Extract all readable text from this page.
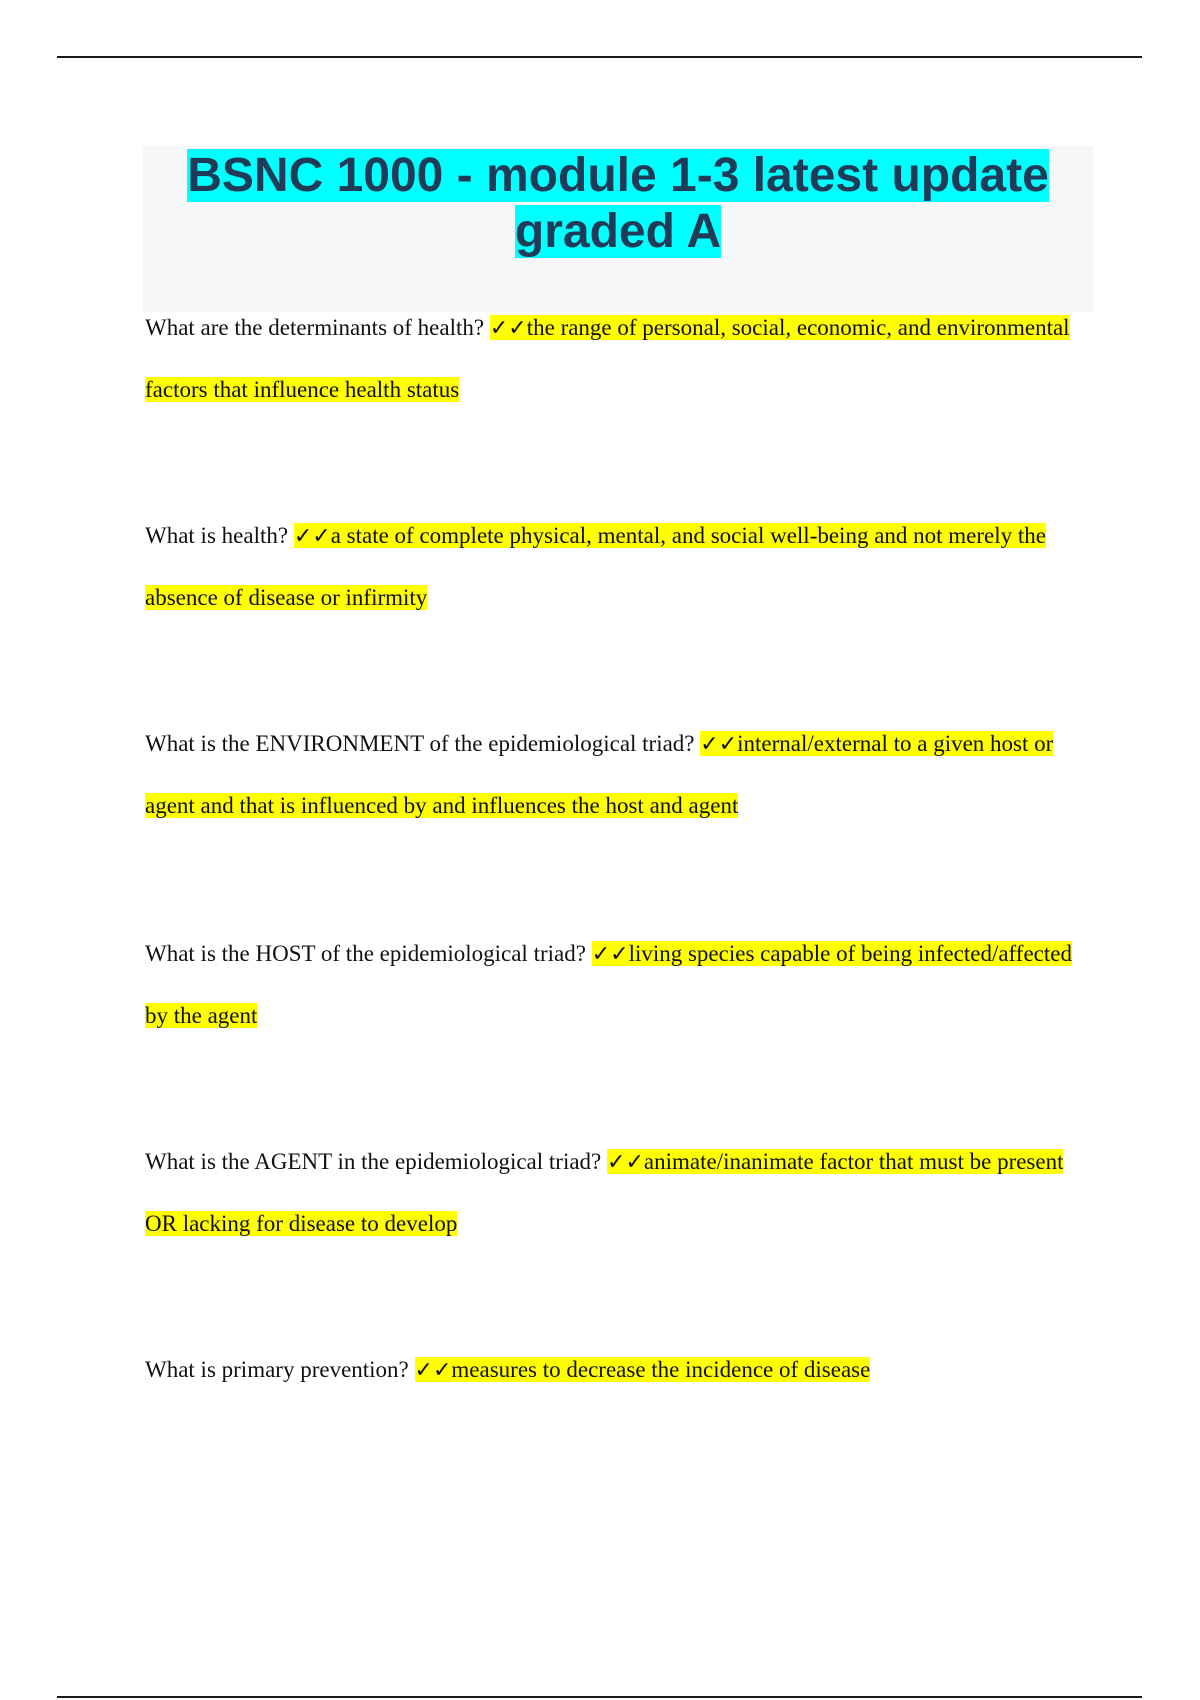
BSNC 1000 - module 1-3 latest update graded A

What are the determinants of health? ✓✓the range of personal, social, economic, and environmental factors that influence health status

What is health? ✓✓a state of complete physical, mental, and social well-being and not merely the absence of disease or infirmity

What is the ENVIRONMENT of the epidemiological triad? ✓✓internal/external to a given host or agent and that is influenced by and influences the host and agent

What is the HOST of the epidemiological triad? ✓✓living species capable of being infected/affected by the agent

What is the AGENT in the epidemiological triad? ✓✓animate/inanimate factor that must be present OR lacking for disease to develop

What is primary prevention? ✓✓measures to decrease the incidence of disease
